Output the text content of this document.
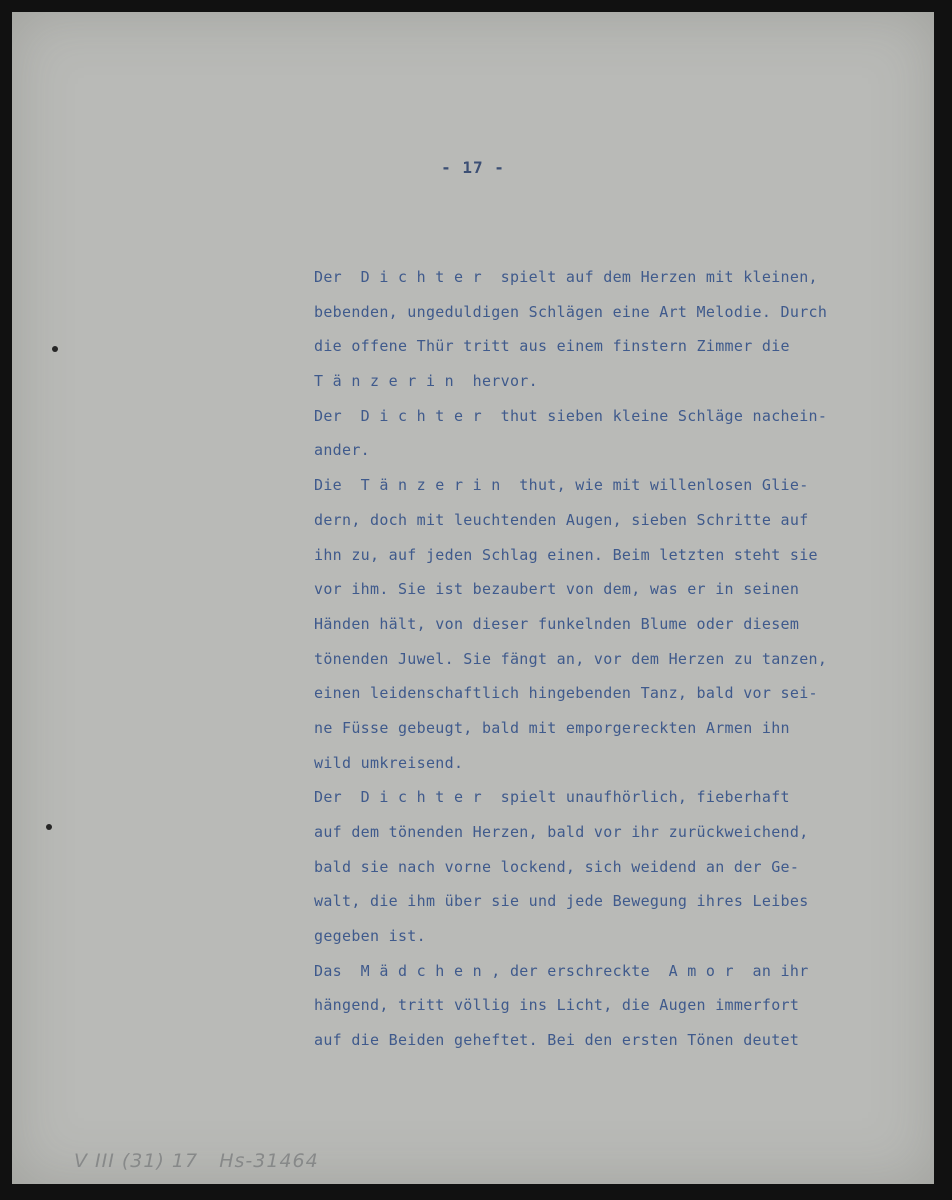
- 17 -
Der  D i c h t e r  spielt auf dem Herzen mit kleinen,
bebenden, ungeduldigen Schlägen eine Art Melodie. Durch
die offene Thür tritt aus einem finstern Zimmer die
T ä n z e r i n  hervor.
Der  D i c h t e r  thut sieben kleine Schläge nachein-
ander.
Die  T ä n z e r i n  thut, wie mit willenlosen Glie-
dern, doch mit leuchtenden Augen, sieben Schritte auf
ihn zu, auf jeden Schlag einen. Beim letzten steht sie
vor ihm. Sie ist bezaubert von dem, was er in seinen
Händen hält, von dieser funkelnden Blume oder diesem
tönenden Juwel. Sie fängt an, vor dem Herzen zu tanzen,
einen leidenschaftlich hingebenden Tanz, bald vor sei-
ne Füsse gebeugt, bald mit emporgereckten Armen ihn
wild umkreisend.
Der  D i c h t e r  spielt unaufhörlich, fieberhaft
auf dem tönenden Herzen, bald vor ihr zurückweichend,
bald sie nach vorne lockend, sich weidend an der Ge-
walt, die ihm über sie und jede Bewegung ihres Leibes
gegeben ist.
Das  M ä d c h e n , der erschreckte  A m o r  an ihr
hängend, tritt völlig ins Licht, die Augen immerfort
auf die Beiden geheftet. Bei den ersten Tönen deutet
V III (31) 17   Hs-31464
